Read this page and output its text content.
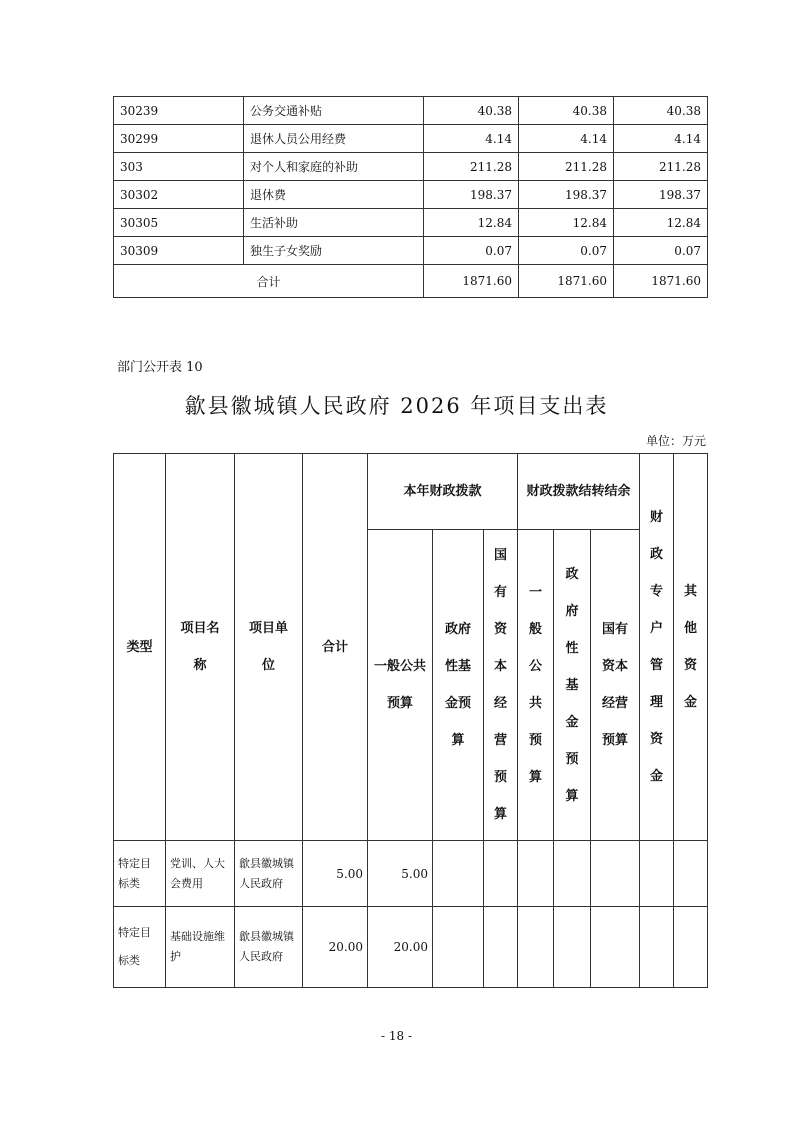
30239	公务交通补贴	40.38	40.38	40.38
30299	退休人员公用经费	4.14	4.14	4.14
303	对个人和家庭的补助	211.28	211.28	211.28
30302	退休费	198.37	198.37	198.37
30305	生活补助	12.84	12.84	12.84
30309	独生子女奖励	0.07	0.07	0.07
合计		1871.60	1871.60	1871.60
部门公开表 10
歙县徽城镇人民政府 2026 年项目支出表
单位：万元
类型	项目名称	项目单位	合计	本年财政拨款			财政拨款结转结余			财政专户管理资金	其他资金
				一般公共预算	政府性基金预算	国有资本经营预算	一般公共预算	政府性基金预算	国有资本经营预算		
特定目标类	党训、人大会费用	歙县徽城镇人民政府	5.00	5.00							
特定目标类	基础设施维护	歙县徽城镇人民政府	20.00	20.00							
- 18 -
